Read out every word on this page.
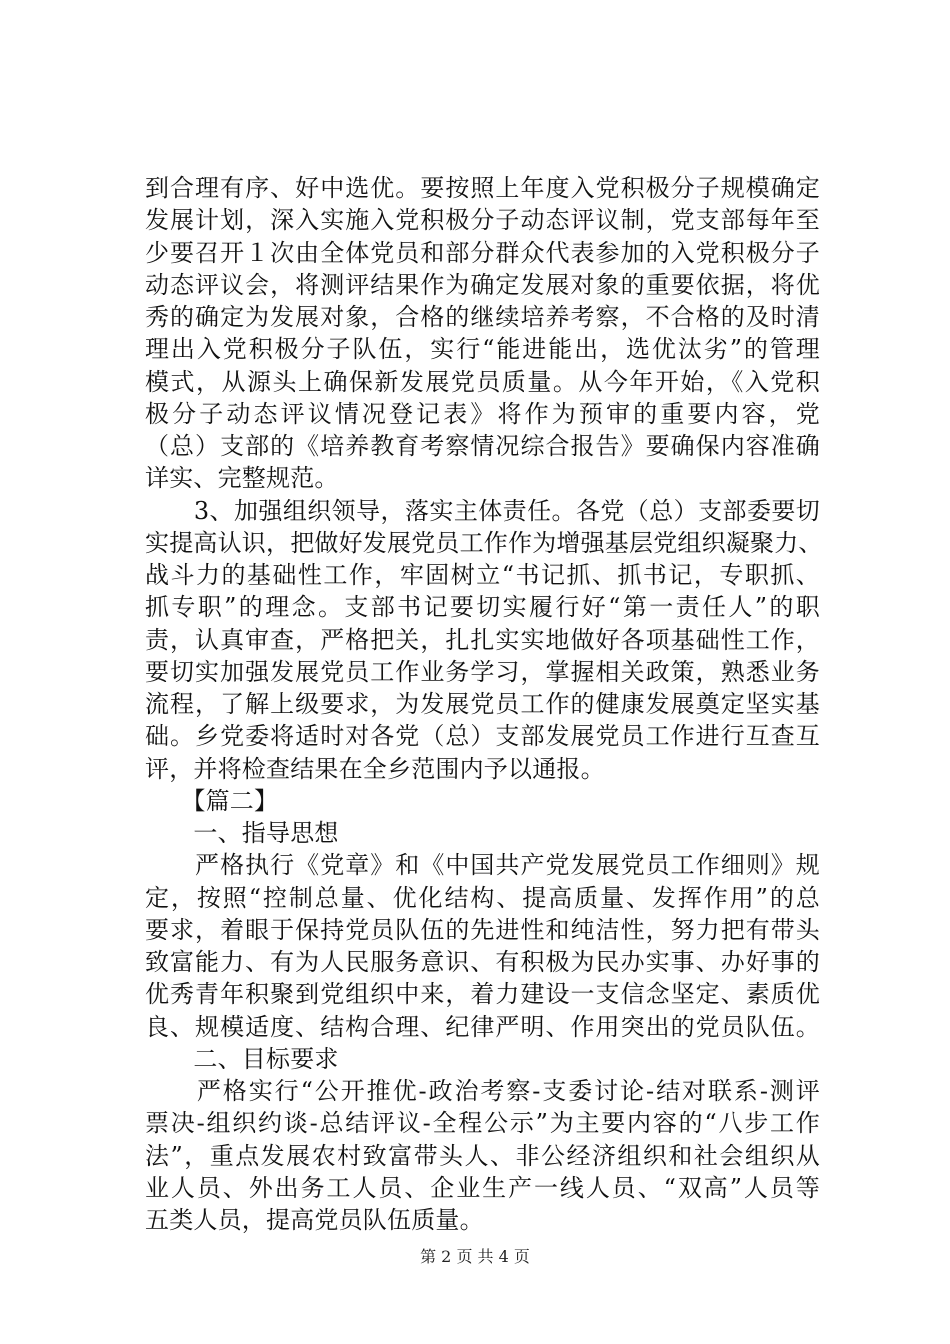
到合理有序、好中选优。要按照上年度入党积极分子规模确定
发展计划，深入实施入党积极分子动态评议制，党支部每年至
少要召开１次由全体党员和部分群众代表参加的入党积极分子
动态评议会，将测评结果作为确定发展对象的重要依据，将优
秀的确定为发展对象，合格的继续培养考察，不合格的及时清
理出入党积极分子队伍，实行“能进能出，选优汰劣”的管理
模式，从源头上确保新发展党员质量。从今年开始，《入党积
极分子动态评议情况登记表》将作为预审的重要内容，党
（总）支部的《培养教育考察情况综合报告》要确保内容准确
详实、完整规范。
　　3、加强组织领导，落实主体责任。各党（总）支部委要切
实提高认识，把做好发展党员工作作为增强基层党组织凝聚力、
战斗力的基础性工作，牢固树立“书记抓、抓书记，专职抓、
抓专职”的理念。支部书记要切实履行好“第一责任人”的职
责，认真审查，严格把关，扎扎实实地做好各项基础性工作，
要切实加强发展党员工作业务学习，掌握相关政策，熟悉业务
流程，了解上级要求，为发展党员工作的健康发展奠定坚实基
础。乡党委将适时对各党（总）支部发展党员工作进行互查互
评，并将检查结果在全乡范围内予以通报。
　　【篇二】
　　一、指导思想
　　严格执行《党章》和《中国共产党发展党员工作细则》规
定，按照“控制总量、优化结构、提高质量、发挥作用”的总
要求，着眼于保持党员队伍的先进性和纯洁性，努力把有带头
致富能力、有为人民服务意识、有积极为民办实事、办好事的
优秀青年积聚到党组织中来，着力建设一支信念坚定、素质优
良、规模适度、结构合理、纪律严明、作用突出的党员队伍。
　　二、目标要求
　　严格实行“公开推优-政治考察-支委讨论-结对联系-测评
票决-组织约谈-总结评议-全程公示”为主要内容的“八步工作
法”，重点发展农村致富带头人、非公经济组织和社会组织从
业人员、外出务工人员、企业生产一线人员、“双高”人员等
五类人员，提高党员队伍质量。
第 2 页 共 4 页
